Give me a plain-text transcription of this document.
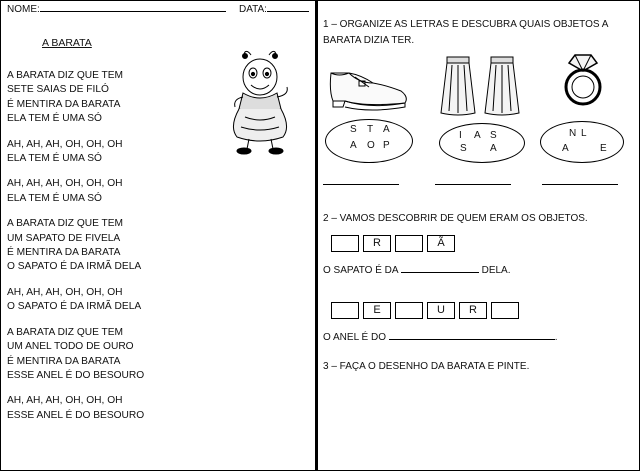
NOME:	DATA:
A BARATA
A BARATA DIZ QUE TEM
SETE SAIAS DE FILÓ
É MENTIRA DA BARATA
ELA TEM É UMA SÓ
AH, AH, AH, OH, OH, OH
ELA TEM É UMA SÓ
AH, AH, AH, OH, OH, OH
ELA TEM É UMA SÓ
A BARATA DIZ QUE TEM
UM SAPATO DE FIVELA
É MENTIRA DA BARATA
O SAPATO É DA IRMÃ DELA
AH, AH, AH, OH, OH, OH
O SAPATO É DA IRMÃ DELA
A BARATA DIZ QUE TEM
UM ANEL TODO DE OURO
É MENTIRA DA BARATA
ESSE ANEL É DO BESOURO
AH, AH, AH, OH, OH, OH
ESSE ANEL É DO BESOURO
1 – ORGANIZE AS LETRAS E DESCUBRA QUAIS OBJETOS A
BARATA DIZIA TER.
S T A
A O P
I A S
S A
N L
A	E
2 – VAMOS DESCOBRIR DE QUEM ERAM OS OBJETOS.
R	Ã
O SAPATO É DA	DELA.
E	U	R
O ANEL É DO	.
3 – FAÇA O DESENHO DA BARATA E PINTE.
